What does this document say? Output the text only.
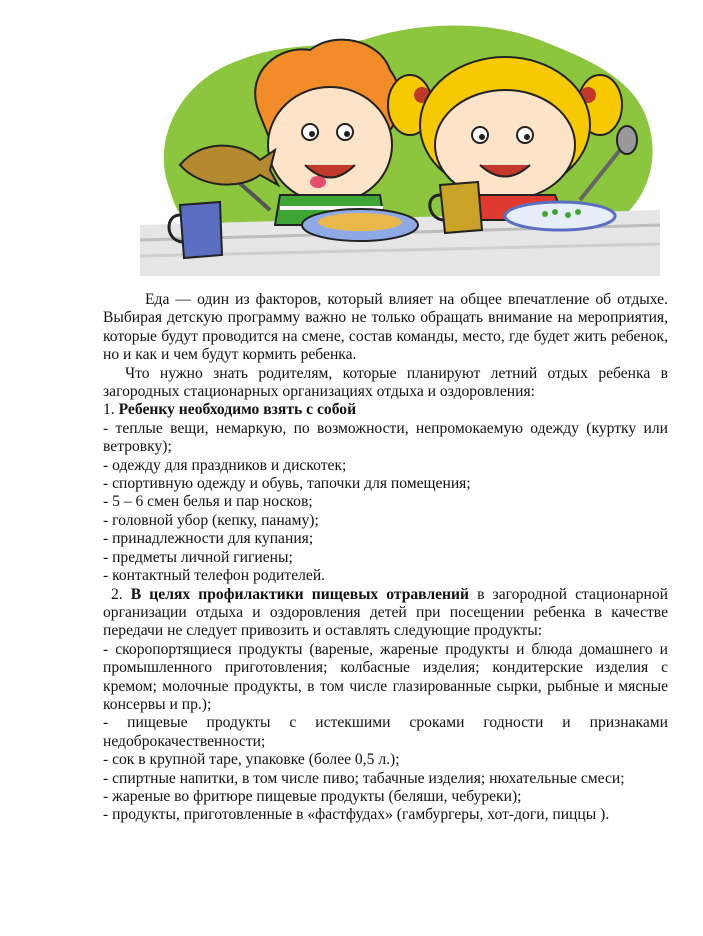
Еда — один из факторов, который влияет на общее впечатление об отдыхе. Выбирая детскую программу важно не только обращать внимание на мероприятия, которые будут проводится на смене, состав команды, место, где будет жить ребенок, но и как и чем будут кормить ребенка.

Что нужно знать родителям, которые планируют летний отдых ребенка в загородных стационарных организациях отдыха и оздоровления:

1. Ребенку необходимо взять с собой

- теплые вещи, немаркую, по возможности, непромокаемую одежду (куртку или ветровку);

- одежду для праздников и дискотек;

- спортивную одежду и обувь, тапочки для помещения;

- 5 – 6 смен белья и пар носков;

- головной убор (кепку, панаму);

- принадлежности для купания;

- предметы личной гигиены;

- контактный телефон родителей.

2. В целях профилактики пищевых отравлений в загородной стационарной организации отдыха и оздоровления детей при посещении ребенка в качестве передачи не следует привозить и оставлять следующие продукты:

- скоропортящиеся продукты (вареные, жареные продукты и блюда домашнего и промышленного приготовления; колбасные изделия; кондитерские изделия с кремом; молочные продукты, в том числе глазированные сырки, рыбные и мясные консервы и пр.);

- пищевые продукты с истекшими сроками годности и признаками недоброкачественности;

- сок в крупной таре, упаковке (более 0,5 л.);

- спиртные напитки, в том числе пиво; табачные изделия; нюхательные смеси;

- жареные во фритюре пищевые продукты (беляши, чебуреки);

- продукты, приготовленные в «фастфудах» (гамбургеры, хот-доги, пиццы ).
